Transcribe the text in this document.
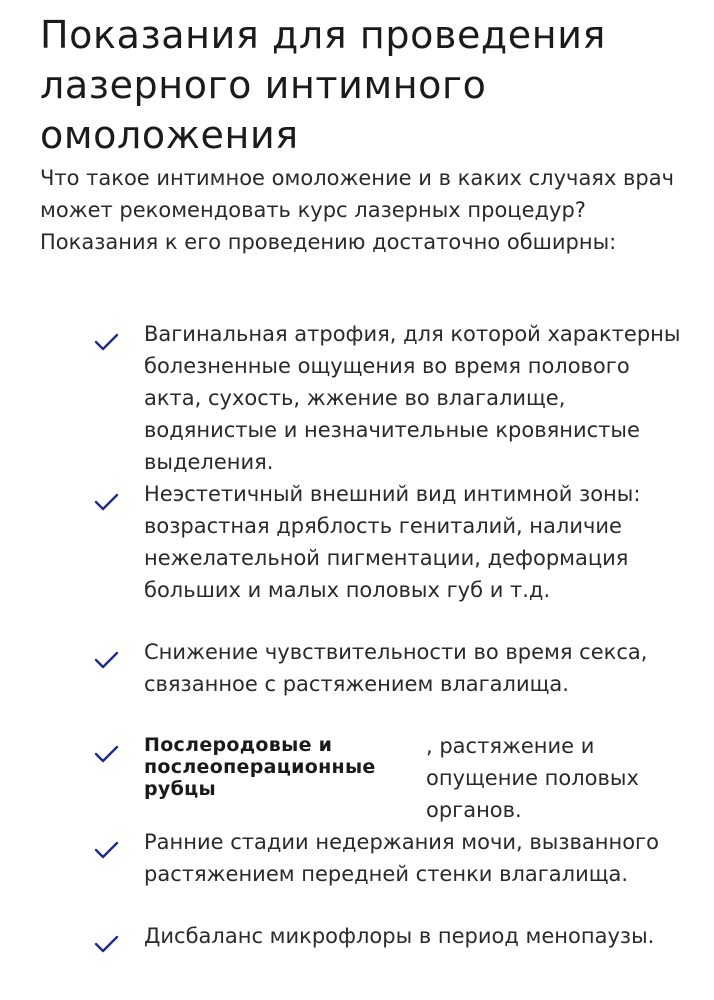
Показания для проведения лазерного интимного омоложения

Что такое интимное омоложение и в каких случаях врач может рекомендовать курс лазерных процедур? Показания к его проведению достаточно обширны:

Вагинальная атрофия, для которой характерны болезненные ощущения во время полового акта, сухость, жжение во влагалище, водянистые и незначительные кровянистые выделения.
Неэстетичный внешний вид интимной зоны: возрастная дряблость гениталий, наличие нежелательной пигментации, деформация больших и малых половых губ и т.д.
Снижение чувствительности во время секса, связанное с растяжением влагалища.
Послеродовые и послеоперационные рубцы
, растяжение и опущение половых органов.
Ранние стадии недержания мочи, вызванного растяжением передней стенки влагалища.
Дисбаланс микрофлоры в период менопаузы.
